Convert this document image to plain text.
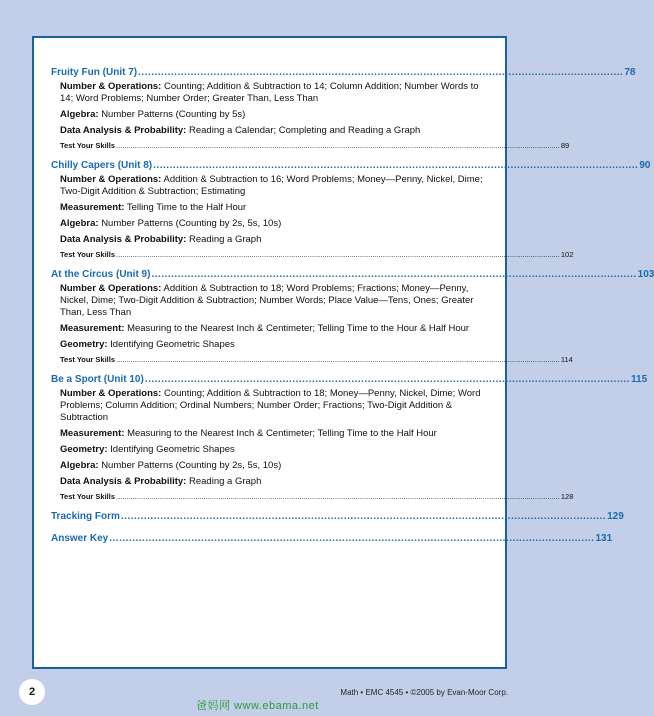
Fruity Fun (Unit 7) .................................................................................................................................................... 78
Number & Operations: Counting; Addition & Subtraction to 14; Column Addition; Number Words to 14; Word Problems; Number Order; Greater Than, Less Than
Algebra: Number Patterns (Counting by 5s)
Data Analysis & Probability: Reading a Calendar; Completing and Reading a Graph
Test Your Skills ..................................................................................................................................................................................................................... 89
Chilly Capers (Unit 8) .................................................................................................................................................... 90
Number & Operations: Addition & Subtraction to 16; Word Problems; Money—Penny, Nickel, Dime; Two-Digit Addition & Subtraction; Estimating
Measurement: Telling Time to the Half Hour
Algebra: Number Patterns (Counting by 2s, 5s, 10s)
Data Analysis & Probability: Reading a Graph
Test Your Skills ..................................................................................................................................................................................................................... 102
At the Circus (Unit 9) .................................................................................................................................................... 103
Number & Operations: Addition & Subtraction to 18; Word Problems; Fractions; Money—Penny, Nickel, Dime; Two-Digit Addition & Subtraction; Number Words; Place Value—Tens, Ones; Greater Than, Less Than
Measurement: Measuring to the Nearest Inch & Centimeter; Telling Time to the Hour & Half Hour
Geometry: Identifying Geometric Shapes
Test Your Skills ..................................................................................................................................................................................................................... 114
Be a Sport (Unit 10) .................................................................................................................................................... 115
Number & Operations: Counting; Addition & Subtraction to 18; Money—Penny, Nickel, Dime; Word Problems; Column Addition; Ordinal Numbers; Number Order; Fractions; Two-Digit Addition & Subtraction
Measurement: Measuring to the Nearest Inch & Centimeter; Telling Time to the Half Hour
Geometry: Identifying Geometric Shapes
Algebra: Number Patterns (Counting by 2s, 5s, 10s)
Data Analysis & Probability: Reading a Graph
Test Your Skills ..................................................................................................................................................................................................................... 128
Tracking Form .................................................................................................................................................... 129
Answer Key .................................................................................................................................................... 131
2	Math • EMC 4545 • ©2005 by Evan-Moor Corp.
爸妈网 www.ebama.net
